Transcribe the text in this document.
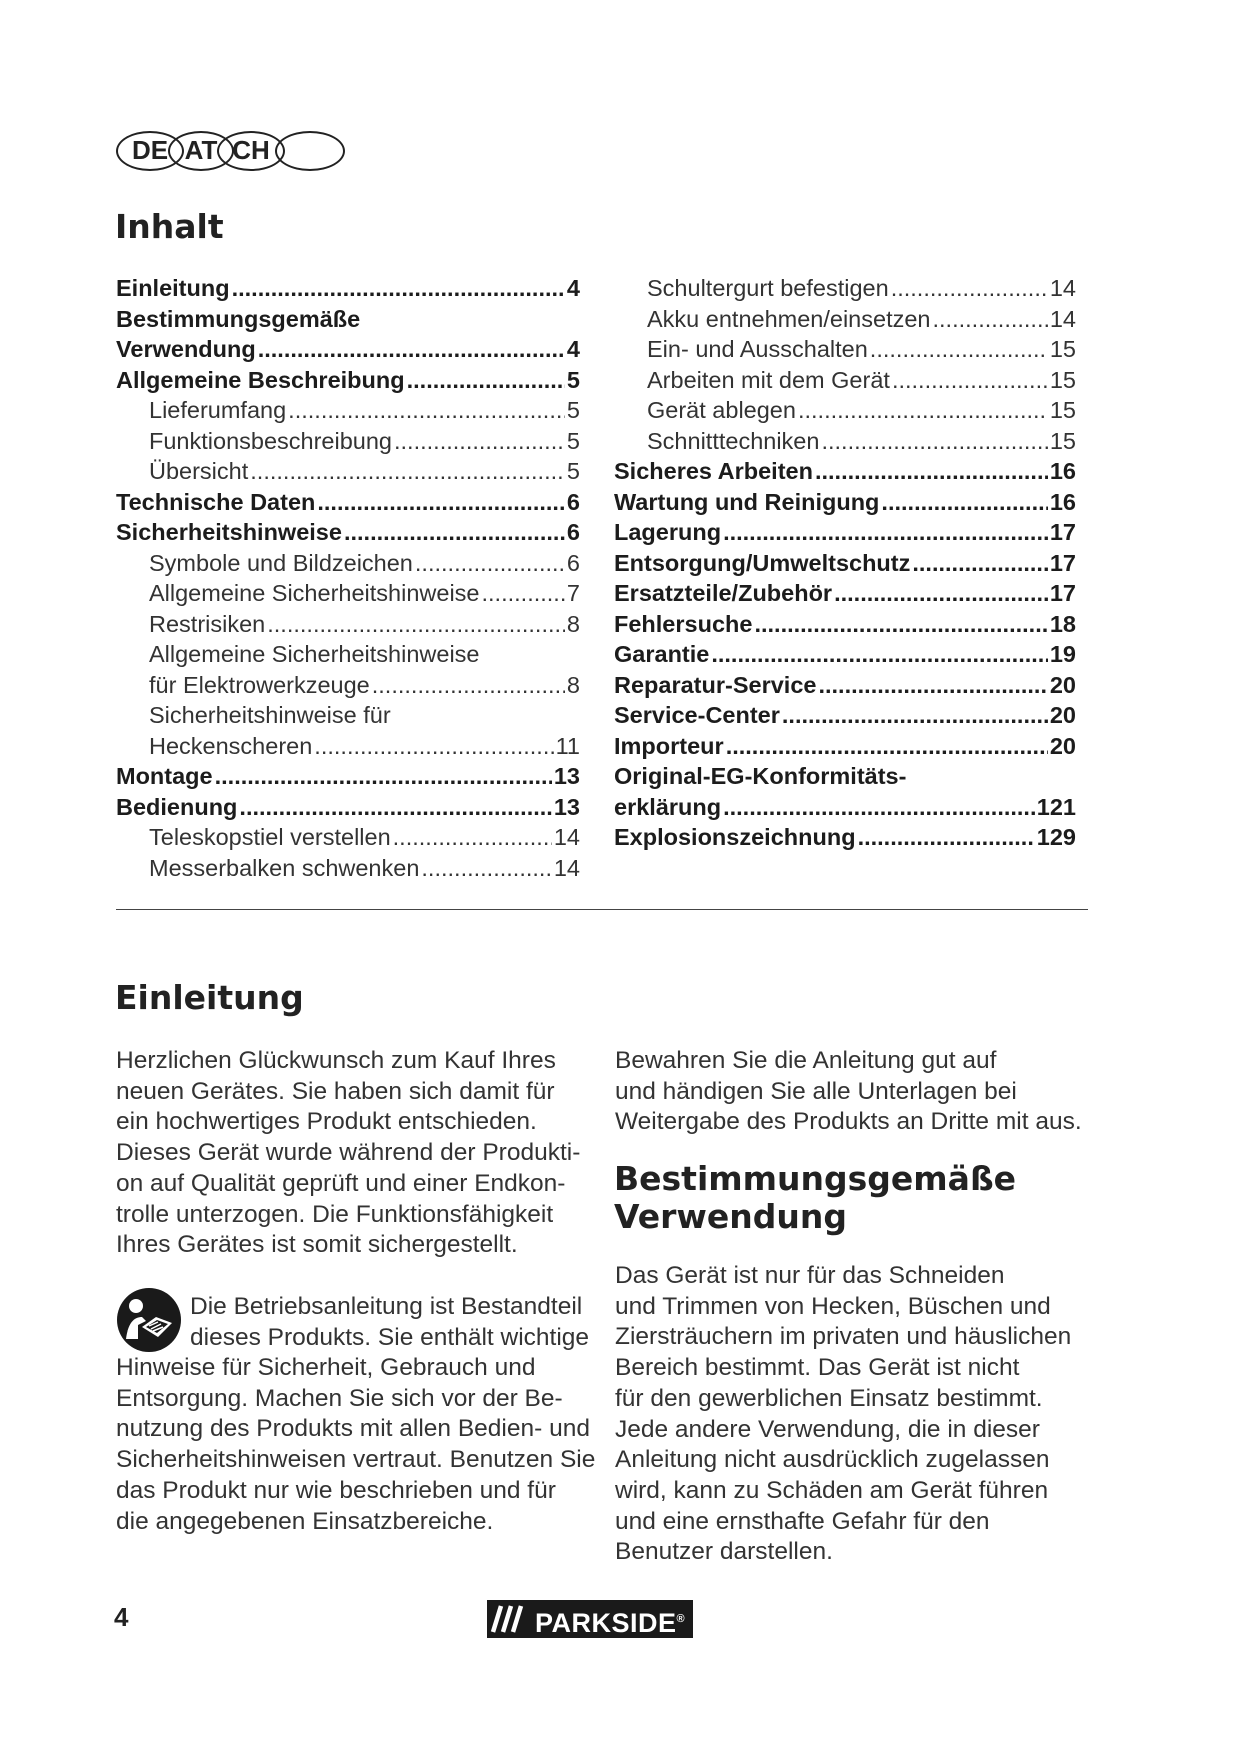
DE AT CH
Inhalt
Einleitung .....	4
Bestimmungsgemäße
Verwendung .....	4
Allgemeine Beschreibung .....	5
Lieferumfang .....	5
Funktionsbeschreibung .....	5
Übersicht .....	5
Technische Daten .....	6
Sicherheitshinweise .....	6
Symbole und Bildzeichen .....	6
Allgemeine Sicherheitshinweise .....	7
Restrisiken .....	8
Allgemeine Sicherheitshinweise
für Elektrowerkzeuge .....	8
Sicherheitshinweise für
Heckenscheren .....	11
Montage .....	13
Bedienung .....	13
Teleskopstiel verstellen .....	14
Messerbalken schwenken .....	14
Schultergurt befestigen .....	14
Akku entnehmen/einsetzen .....	14
Ein- und Ausschalten .....	15
Arbeiten mit dem Gerät .....	15
Gerät ablegen .....	15
Schnitttechniken .....	15
Sicheres Arbeiten .....	16
Wartung und Reinigung .....	16
Lagerung .....	17
Entsorgung/Umweltschutz .....	17
Ersatzteile/Zubehör .....	17
Fehlersuche .....	18
Garantie .....	19
Reparatur-Service .....	20
Service-Center .....	20
Importeur .....	20
Original-EG-Konformitäts-
erklärung .....	121
Explosionszeichnung .....	129
Einleitung

Herzlichen Glückwunsch zum Kauf Ihres

neuen Gerätes. Sie haben sich damit für

ein hochwertiges Produkt entschieden.

Dieses Gerät wurde während der Produkti-

on auf Qualität geprüft und einer Endkon-

trolle unterzogen. Die Funktionsfähigkeit

Ihres Gerätes ist somit sichergestellt.

Die Betriebsanleitung ist Bestandteil

dieses Produkts. Sie enthält wichtige

Hinweise für Sicherheit, Gebrauch und

Entsorgung. Machen Sie sich vor der Be-

nutzung des Produkts mit allen Bedien- und

Sicherheitshinweisen vertraut. Benutzen Sie

das Produkt nur wie beschrieben und für

die angegebenen Einsatzbereiche.

Bewahren Sie die Anleitung gut auf

und händigen Sie alle Unterlagen bei

Weitergabe des Produkts an Dritte mit aus.

Bestimmungsgemäße
Verwendung

Das Gerät ist nur für das Schneiden

und Trimmen von Hecken, Büschen und

Ziersträuchern im privaten und häuslichen

Bereich bestimmt. Das Gerät ist nicht

für den gewerblichen Einsatz bestimmt.

Jede andere Verwendung, die in dieser

Anleitung nicht ausdrücklich zugelassen

wird, kann zu Schäden am Gerät führen

und eine ernsthafte Gefahr für den

Benutzer darstellen.

4	PARKSIDE®
